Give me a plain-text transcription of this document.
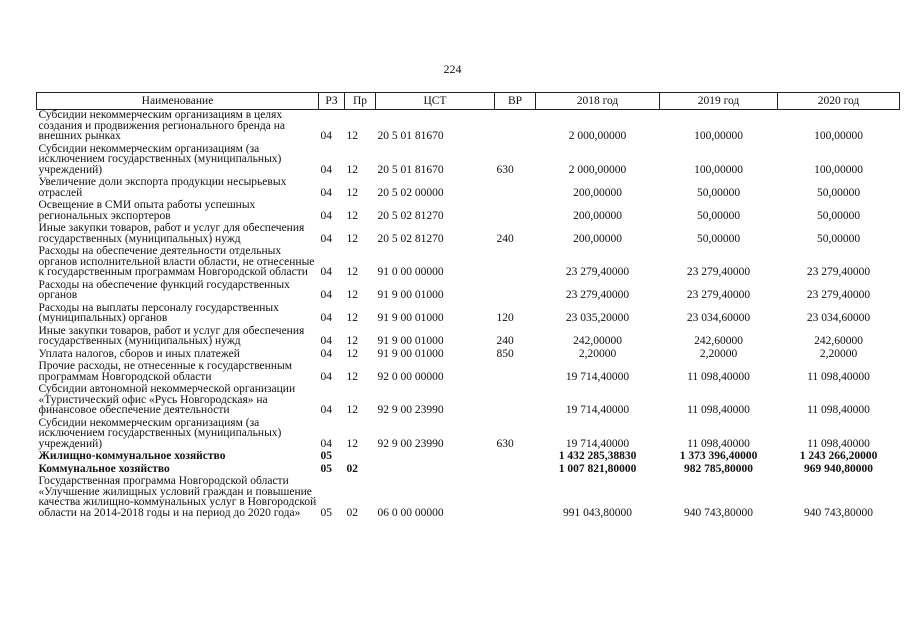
224
Наименование	РЗ	Пр	ЦСТ	ВР	2018 год	2019 год	2020 год
Субсидии некоммерческим организациям в целях создания и продвижения регионального бренда на внешних рынках	04	12	20 5 01 81670		2 000,00000	100,00000	100,00000
Субсидии некоммерческим организациям (за исключением государственных (муниципальных) учреждений)	04	12	20 5 01 81670	630	2 000,00000	100,00000	100,00000
Увеличение доли экспорта продукции несырьевых отраслей	04	12	20 5 02 00000		200,00000	50,00000	50,00000
Освещение в СМИ опыта работы успешных региональных экспортеров	04	12	20 5 02 81270		200,00000	50,00000	50,00000
Иные закупки товаров, работ и услуг для обеспечения государственных (муниципальных) нужд	04	12	20 5 02 81270	240	200,00000	50,00000	50,00000
Расходы на обеспечение деятельности отдельных органов исполнительной власти области, не отнесенные к государственным программам Новгородской области	04	12	91 0 00 00000		23 279,40000	23 279,40000	23 279,40000
Расходы на обеспечение функций государственных органов	04	12	91 9 00 01000		23 279,40000	23 279,40000	23 279,40000
Расходы на выплаты персоналу государственных (муниципальных) органов	04	12	91 9 00 01000	120	23 035,20000	23 034,60000	23 034,60000
Иные закупки товаров, работ и услуг для обеспечения государственных (муниципальных) нужд	04	12	91 9 00 01000	240	242,00000	242,60000	242,60000
Уплата налогов, сборов и иных платежей	04	12	91 9 00 01000	850	2,20000	2,20000	2,20000
Прочие расходы, не отнесенные к государственным программам Новгородской области	04	12	92 0 00 00000		19 714,40000	11 098,40000	11 098,40000
Субсидии автономной некоммерческой организации «Туристический офис «Русь Новгородская» на финансовое обеспечение деятельности	04	12	92 9 00 23990		19 714,40000	11 098,40000	11 098,40000
Субсидии некоммерческим организациям (за исключением государственных (муниципальных) учреждений)	04	12	92 9 00 23990	630	19 714,40000	11 098,40000	11 098,40000
Жилищно-коммунальное хозяйство	05				1 432 285,38830	1 373 396,40000	1 243 266,20000
Коммунальное хозяйство	05	02			1 007 821,80000	982 785,80000	969 940,80000
Государственная программа Новгородской области «Улучшение жилищных условий граждан и повышение качества жилищно-коммунальных услуг в Новгородской области на 2014-2018 годы и на период до 2020 года»	05	02	06 0 00 00000		991 043,80000	940 743,80000	940 743,80000
